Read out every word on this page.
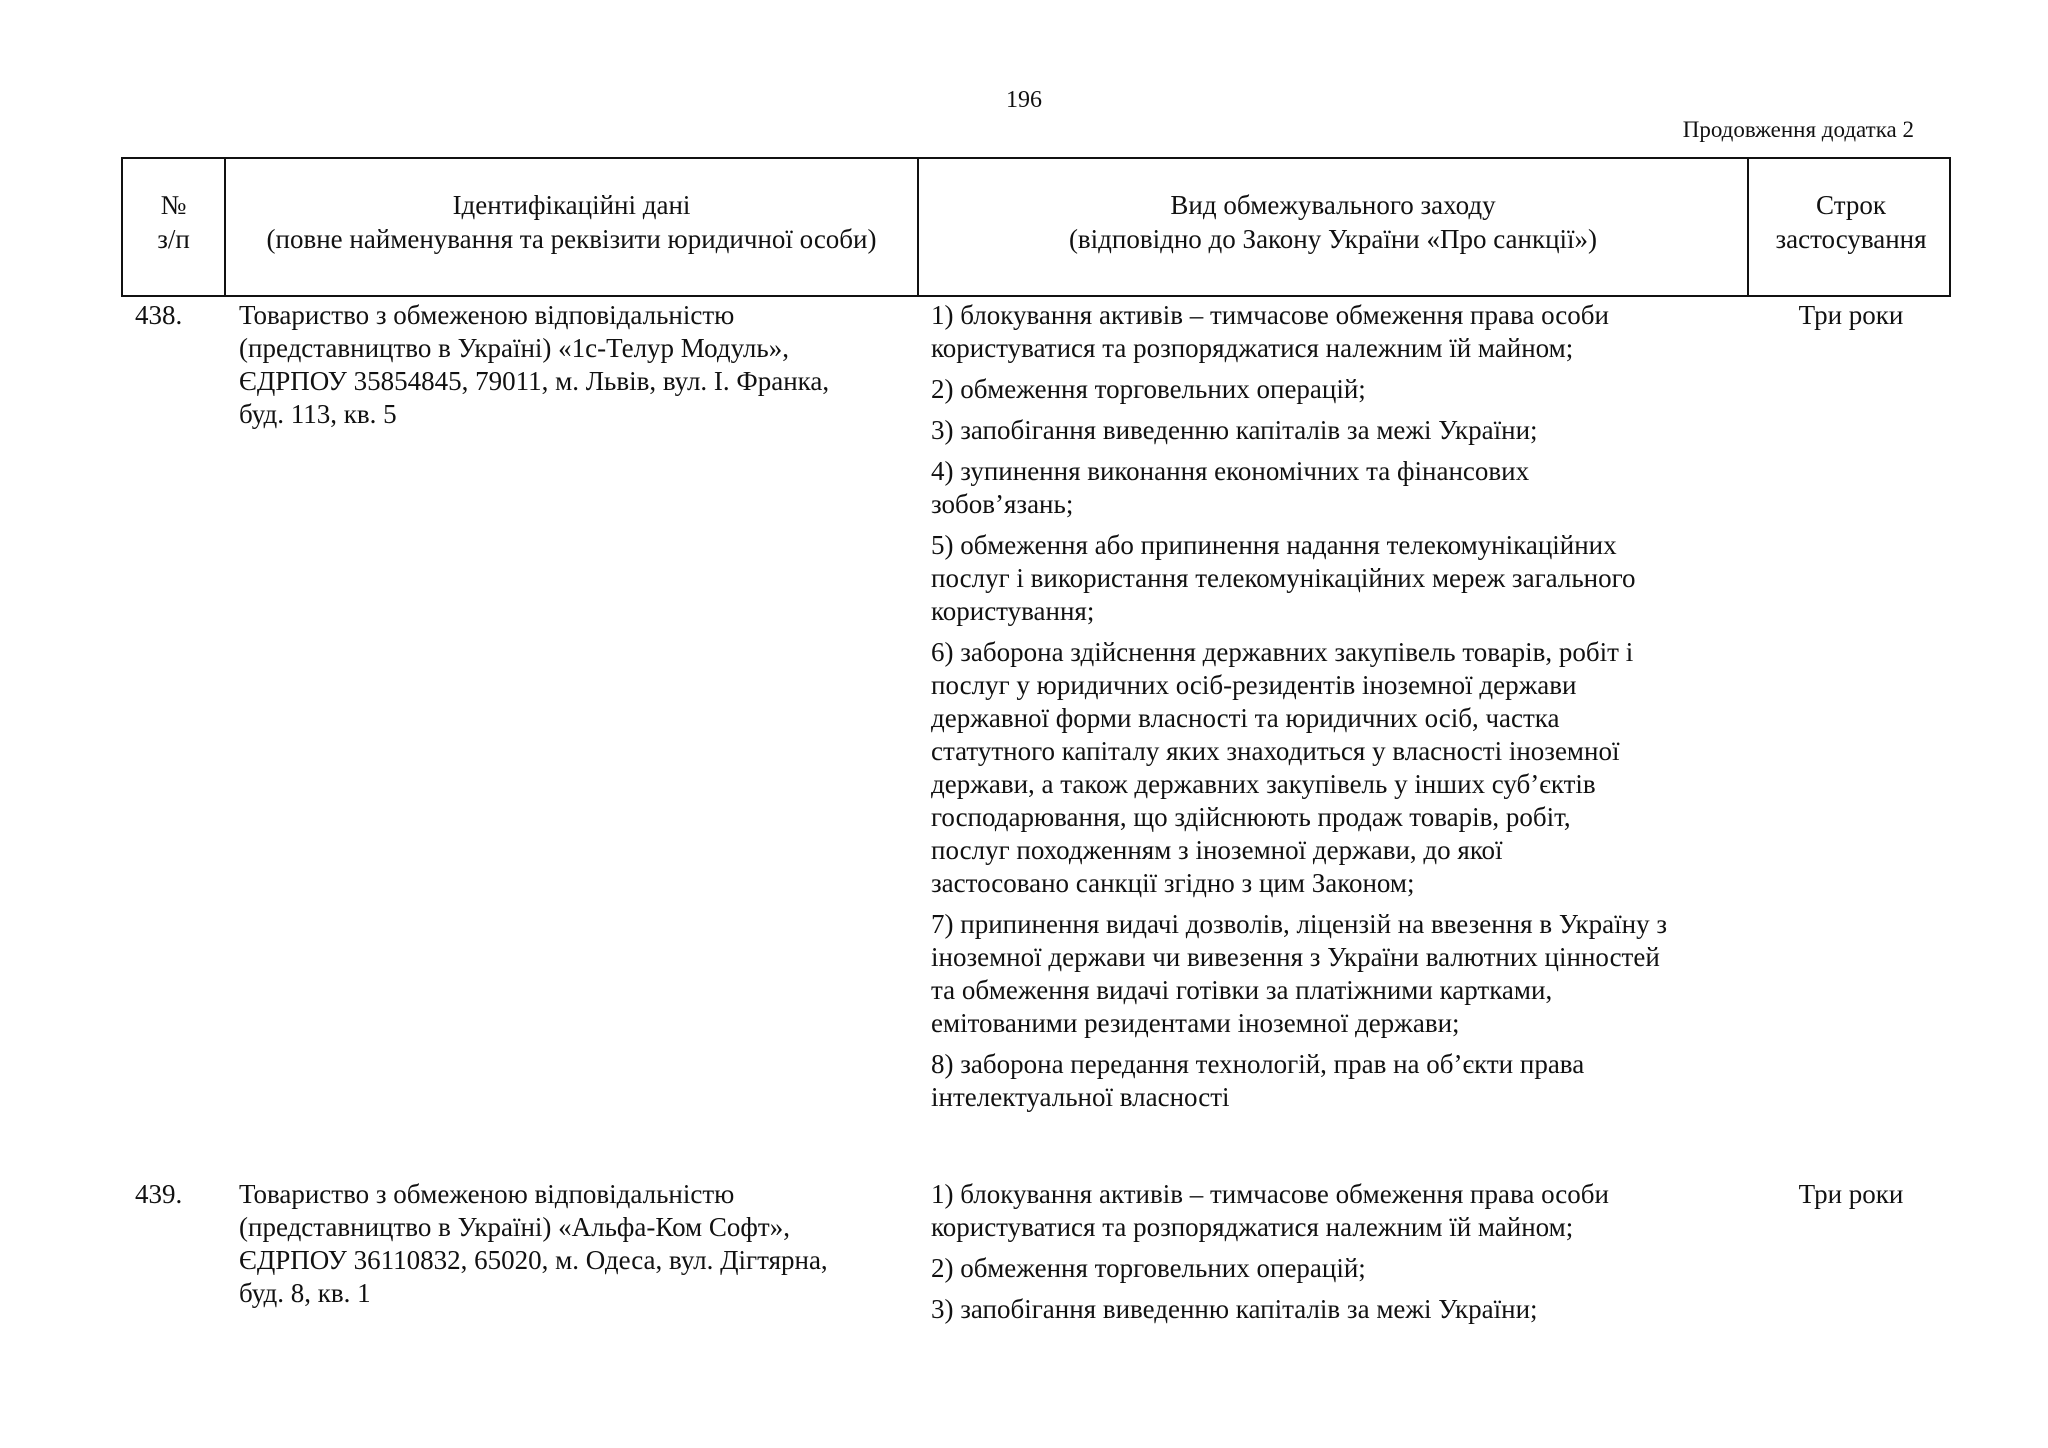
196
Продовження додатка 2
№
з/п
Ідентифікаційні дані
(повне найменування та реквізити юридичної особи)
Вид обмежувального заходу
(відповідно до Закону України «Про санкції»)
Строк
застосування
438.	Товариство з обмеженою відповідальністю
(представництво в Україні) «1с-Телур Модуль»,
ЄДРПОУ 35854845, 79011, м. Львів, вул. І. Франка,
буд. 113, кв. 5
1) блокування активів – тимчасове обмеження права особи
користуватися та розпоряджатися належним їй майном;
2) обмеження торговельних операцій;
3) запобігання виведенню капіталів за межі України;
4) зупинення виконання економічних та фінансових
зобов’язань;
5) обмеження або припинення надання телекомунікаційних
послуг і використання телекомунікаційних мереж загального
користування;
6) заборона здійснення державних закупівель товарів, робіт і
послуг у юридичних осіб-резидентів іноземної держави
державної форми власності та юридичних осіб, частка
статутного капіталу яких знаходиться у власності іноземної
держави, а також державних закупівель у інших суб’єктів
господарювання, що здійснюють продаж товарів, робіт,
послуг походженням з іноземної держави, до якої
застосовано санкції згідно з цим Законом;
7) припинення видачі дозволів, ліцензій на ввезення в Україну з
іноземної держави чи вивезення з України валютних цінностей
та обмеження видачі готівки за платіжними картками,
емітованими резидентами іноземної держави;
8) заборона передання технологій, прав на об’єкти права
інтелектуальної власності
Три роки
439.	Товариство з обмеженою відповідальністю
(представництво в Україні) «Альфа-Ком Софт»,
ЄДРПОУ 36110832, 65020, м. Одеса, вул. Дігтярна,
буд. 8, кв. 1
1) блокування активів – тимчасове обмеження права особи
користуватися та розпоряджатися належним їй майном;
2) обмеження торговельних операцій;
3) запобігання виведенню капіталів за межі України;
Три роки
